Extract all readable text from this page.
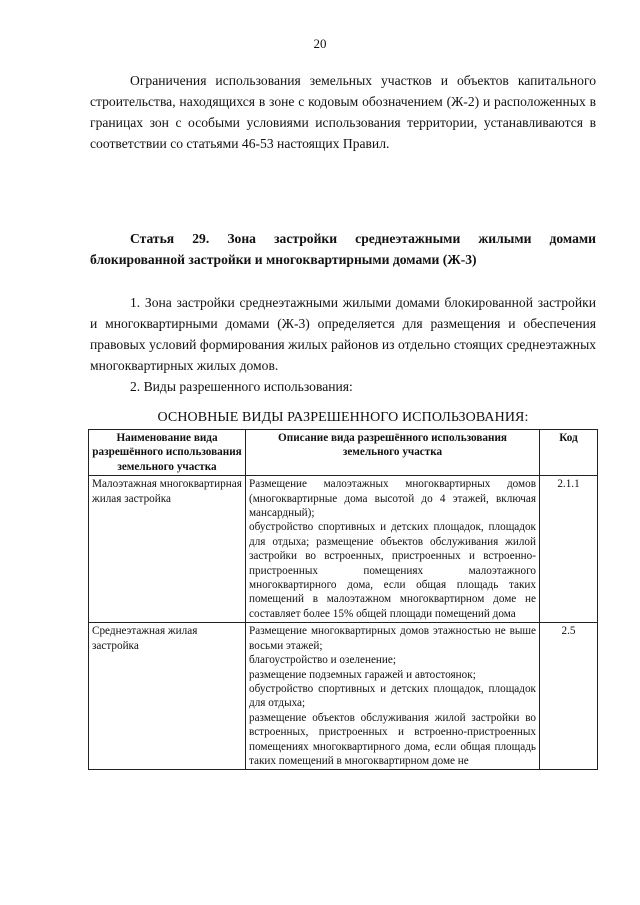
20

Ограничения использования земельных участков и объектов капитального строительства, находящихся в зоне с кодовым обозначением (Ж-2) и расположенных в границах зон с особыми условиями использования территории, устанавливаются в соответствии со статьями 46-53 настоящих Правил.

Статья 29. Зона застройки среднеэтажными жилыми домами блокированной застройки и многоквартирными домами (Ж-3)

1. Зона застройки среднеэтажными жилыми домами блокированной застройки и многоквартирными домами (Ж-3) определяется для размещения и обеспечения правовых условий формирования жилых районов из отдельно стоящих среднеэтажных многоквартирных жилых домов.

2. Виды разрешенного использования:

ОСНОВНЫЕ ВИДЫ РАЗРЕШЕННОГО ИСПОЛЬЗОВАНИЯ:
Наименование вида разрешённого использования земельного участка	Описание вида разрешённого использования земельного участка	Код
Малоэтажная многоквартирная жилая застройка	Размещение малоэтажных многоквартирных домов (многоквартирные дома высотой до 4 этажей, включая мансардный);
обустройство спортивных и детских площадок, площадок для отдыха; размещение объектов обслуживания жилой застройки во встроенных, пристроенных и встроенно-пристроенных помещениях малоэтажного многоквартирного дома, если общая площадь таких помещений в малоэтажном многоквартирном доме не составляет более 15% общей площади помещений дома	2.1.1
Среднеэтажная жилая застройка	Размещение многоквартирных домов этажностью не выше восьми этажей;
благоустройство и озеленение;
размещение подземных гаражей и автостоянок;
обустройство спортивных и детских площадок, площадок для отдыха;
размещение объектов обслуживания жилой застройки во встроенных, пристроенных и встроенно-пристроенных помещениях многоквартирного дома, если общая площадь таких помещений в многоквартирном доме не	2.5
